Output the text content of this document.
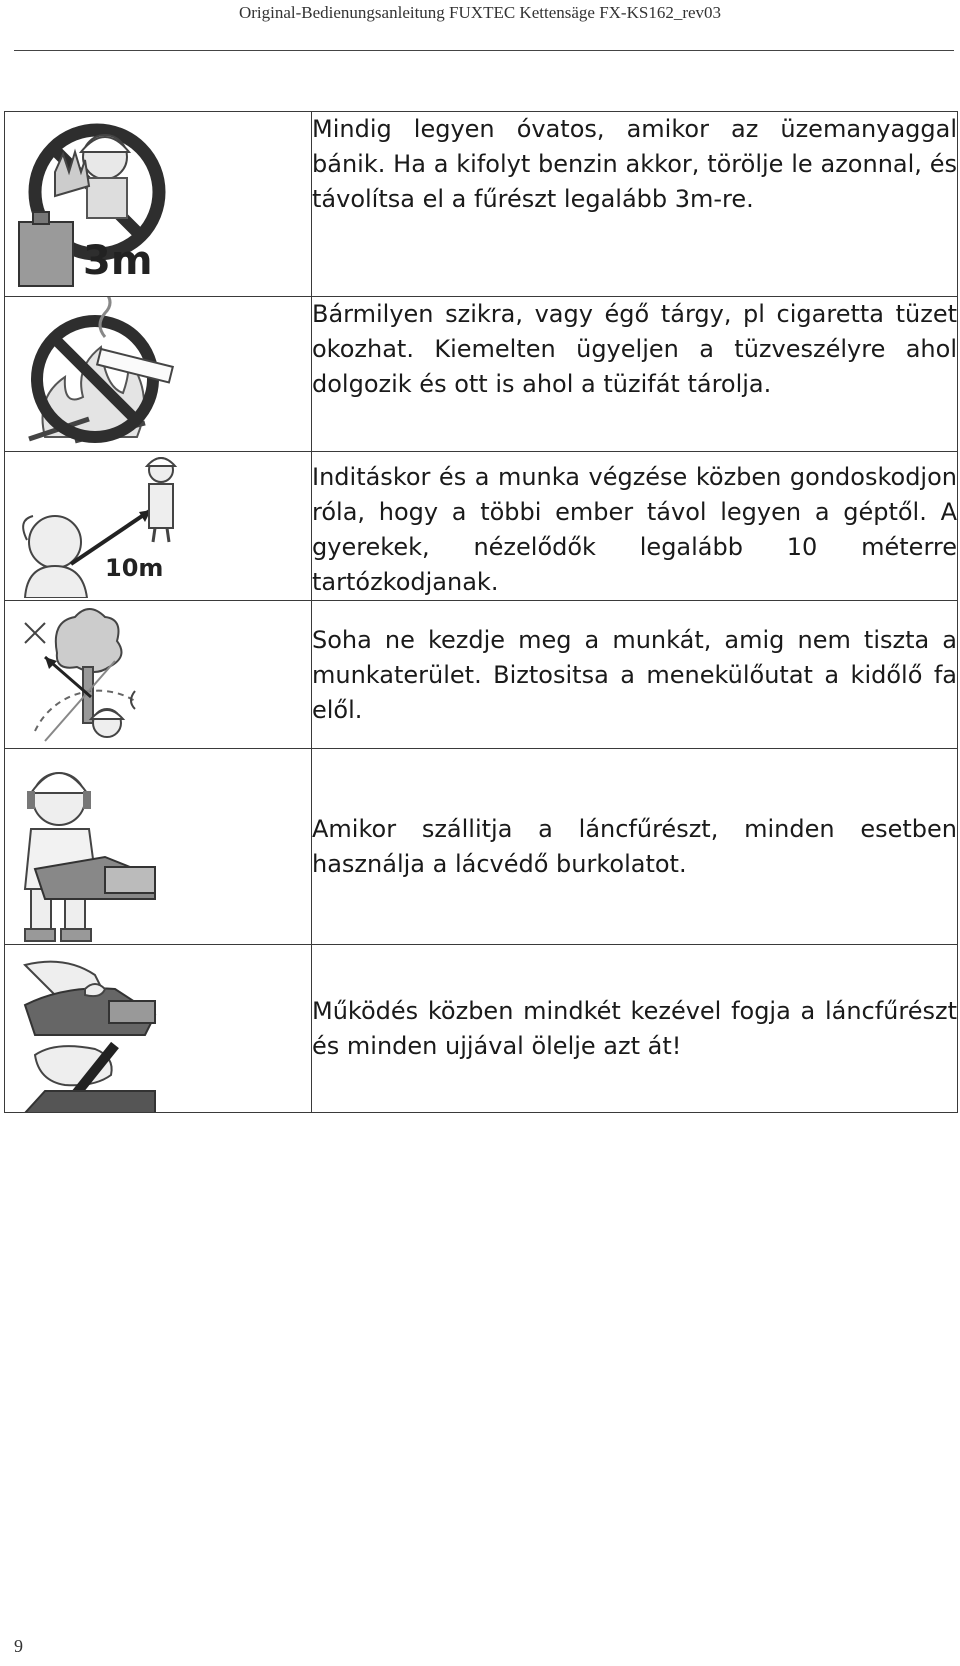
Original-Bedienungsanleitung FUXTEC Kettensäge FX-KS162_rev03
3m	Mindig legyen óvatos, amikor az üzemanyaggal bánik. Ha a kifolyt benzin akkor, törölje le azonnal, és távolítsa el a fűrészt legalább 3m-re.

Bármilyen szikra, vagy égő tárgy, pl cigaretta tüzet okozhat. Kiemelten ügyeljen a tüzveszélyre ahol dolgozik és ott is ahol a tüzifát tárolja.

10m	Inditáskor és a munka végzése közben gondoskodjon róla, hogy a többi ember távol legyen a géptől. A gyerekek, nézelődők legalább 10 méterre tartózkodjanak.

Soha ne kezdje meg a munkát, amig nem tiszta a munkaterület. Biztositsa a menekülőutat a kidőlő fa elől.

Amikor szállitja a láncfűrészt, minden esetben használja a lácvédő burkolatot.

Működés közben mindkét kezével fogja a láncfűrészt és minden ujjával ölelje azt át!

9
